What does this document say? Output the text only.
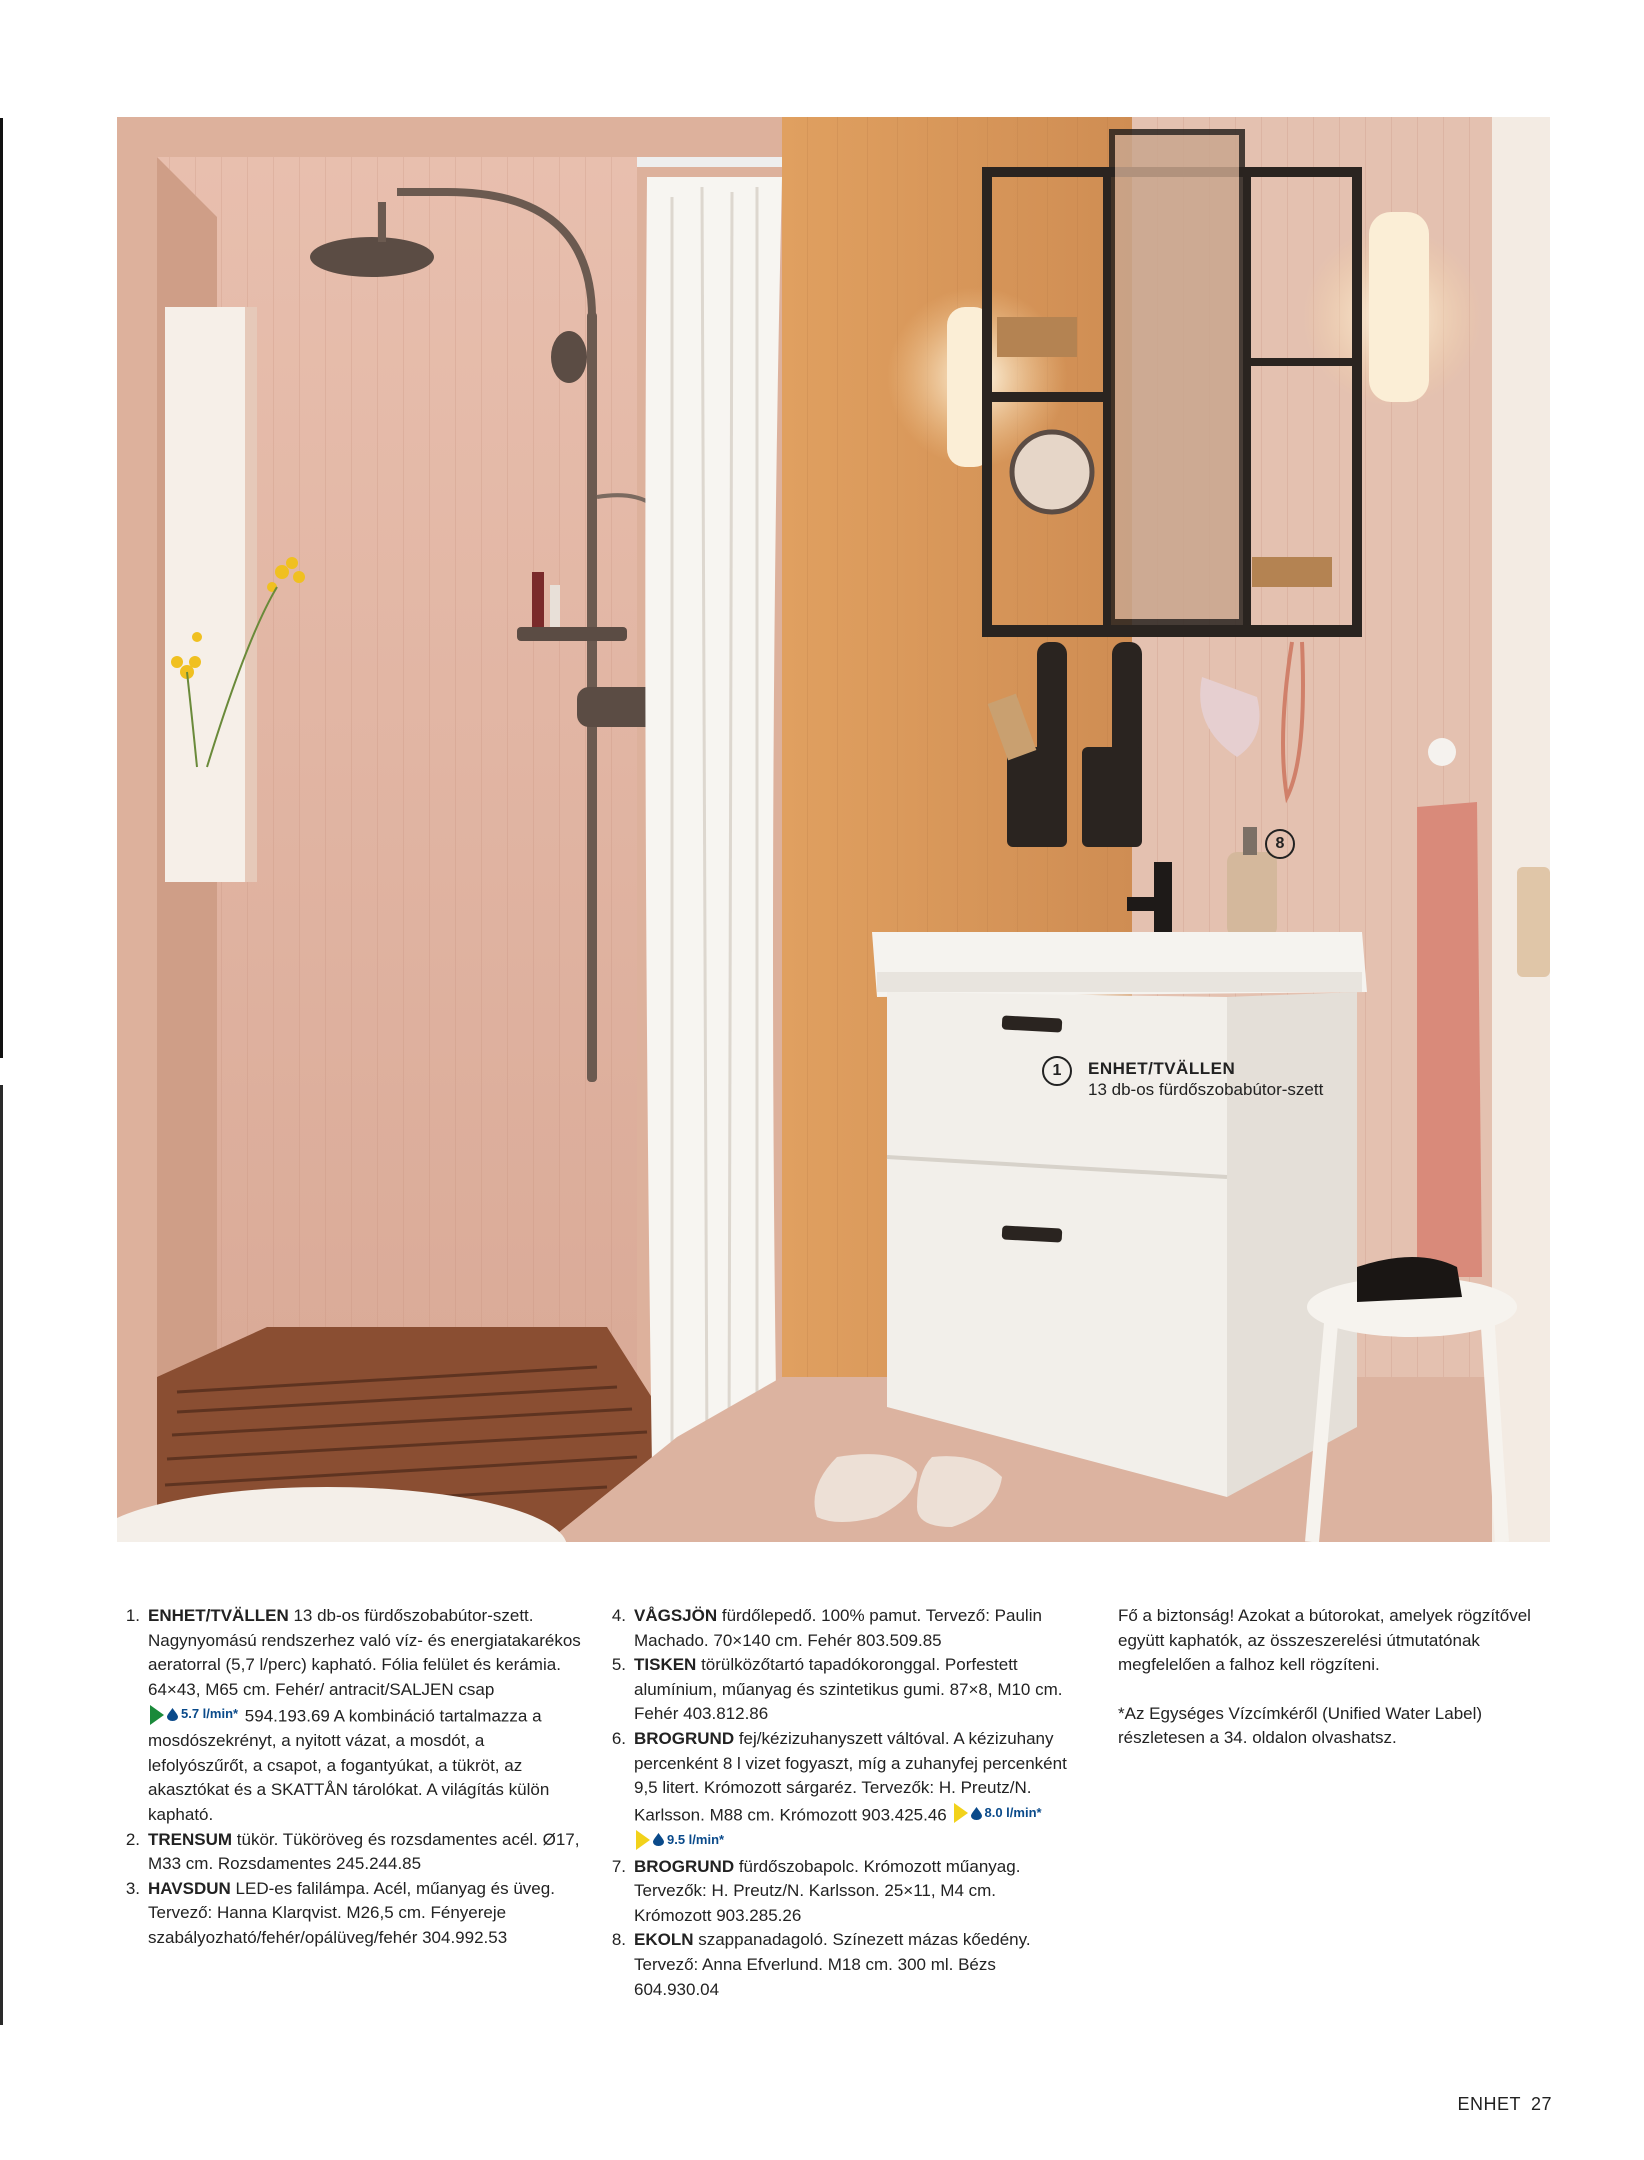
1	ENHET/TVÄLLEN
13 db-os fürdőszobabútor-szett
8
1. ENHET/TVÄLLEN 13 db-os fürdőszobabútor-szett. Nagynyomású rendszerhez való víz- és energiatakarékos aeratorral (5,7 l/perc) kapható. Fólia felület és kerámia. 64×43, M65 cm. Fehér/ antracit/SALJEN csap
5.7 l/min* 594.193.69 A kombináció tartalmazza a mosdószekrényt, a nyitott vázat, a mosdót, a lefolyószűrőt, a csapot, a fogantyúkat, a tükröt, az akasztókat és a SKATTÅN tárolókat. A világítás külön kapható.
2. TRENSUM tükör. Tüköröveg és rozsdamentes acél. Ø17, M33 cm. Rozsdamentes 245.244.85
3. HAVSDUN LED-es falilámpa. Acél, műanyag és üveg. Tervező: Hanna Klarqvist. M26,5 cm. Fényereje szabályozható/fehér/opálüveg/fehér 304.992.53
4. VÅGSJÖN fürdőlepedő. 100% pamut. Tervező: Paulin Machado. 70×140 cm. Fehér 803.509.85
5. TISKEN törülközőtartó tapadókoronggal. Porfestett alumínium, műanyag és szintetikus gumi. 87×8, M10 cm. Fehér 403.812.86
6. BROGRUND fej/kézizuhanyszett váltóval. A kézizuhany percenként 8 l vizet fogyaszt, míg a zuhanyfej percenként 9,5 litert. Krómozott sárgaréz. Tervezők: H. Preutz/N. Karlsson. M88 cm. Krómozott 903.425.46	8.0 l/min*

9.5 l/min*
7. BROGRUND fürdőszobapolc. Krómozott műanyag. Tervezők: H. Preutz/N. Karlsson. 25×11, M4 cm. Krómozott 903.285.26
8. EKOLN szappanadagoló. Színezett mázas kőedény. Tervező: Anna Efverlund. M18 cm. 300 ml. Bézs 604.930.04

Fő a biztonság! Azokat a bútorokat, amelyek rögzítővel együtt kaphatók, az összeszerelési útmutatónak megfelelően a falhoz kell rögzíteni.

*Az Egységes Vízcímkéről (Unified Water Label) részletesen a 34. oldalon olvashatsz.

ENHET 27
